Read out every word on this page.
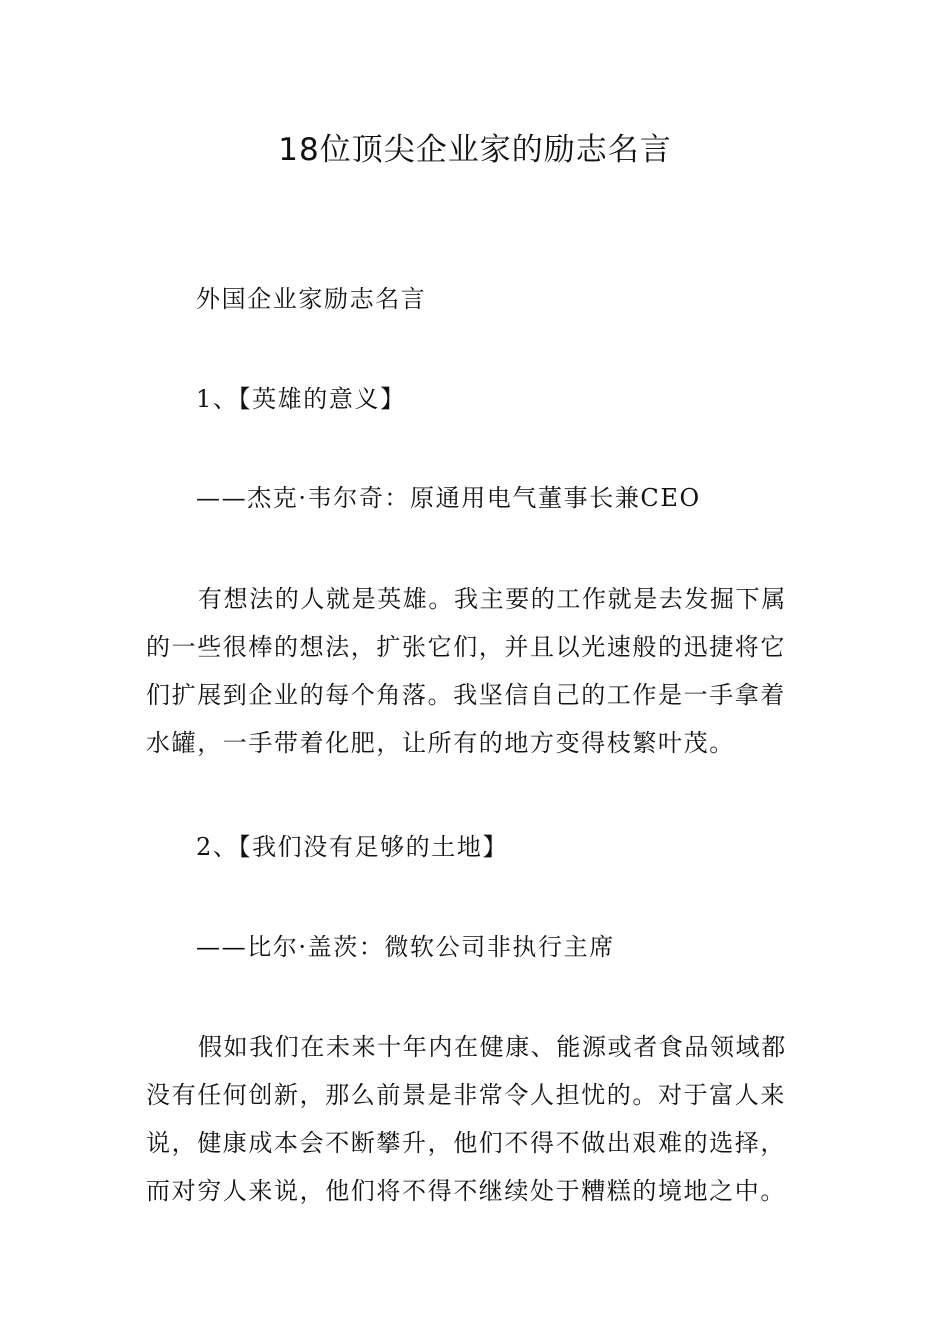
18位顶尖企业家的励志名言

外国企业家励志名言

1、【英雄的意义】

——杰克·韦尔奇：原通用电气董事长兼CEO

有想法的人就是英雄。我主要的工作就是去发掘下属
的一些很棒的想法，扩张它们，并且以光速般的迅捷将它
们扩展到企业的每个角落。我坚信自己的工作是一手拿着
水罐，一手带着化肥，让所有的地方变得枝繁叶茂。

2、【我们没有足够的土地】

——比尔·盖茨：微软公司非执行主席

假如我们在未来十年内在健康、能源或者食品领域都
没有任何创新，那么前景是非常令人担忧的。对于富人来
说，健康成本会不断攀升，他们不得不做出艰难的选择，
而对穷人来说，他们将不得不继续处于糟糕的境地之中。
